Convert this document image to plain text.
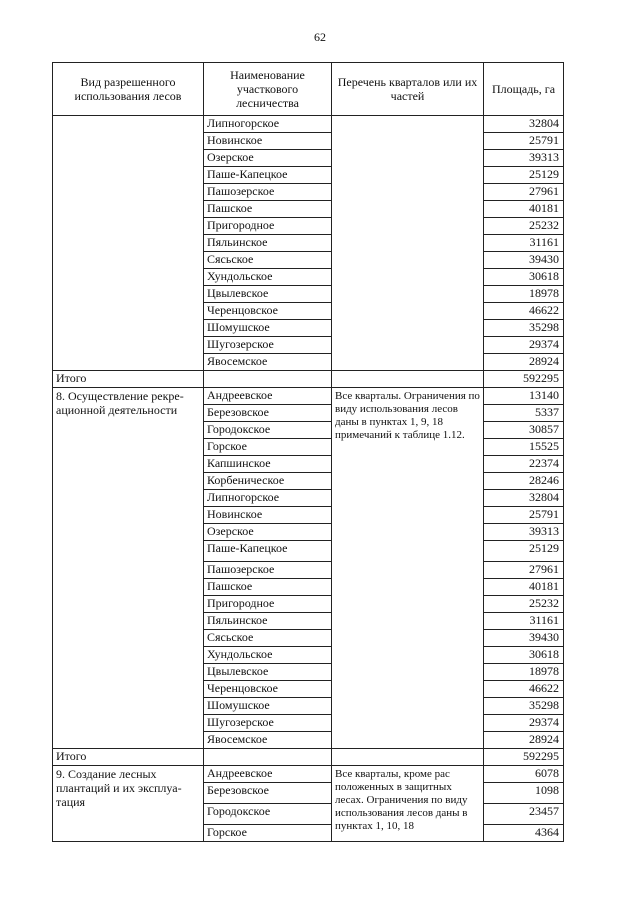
62
Вид разрешенного использования лесов	Наименование участкового лесничества	Перечень кварталов или их частей	Площадь, га
	Липногорское		32804
	Новинское		25791
	Озерское		39313
	Паше-Капецкое		25129
	Пашозерское		27961
	Пашское		40181
	Пригородное		25232
	Пяльинское		31161
	Сясьское		39430
	Хундольское		30618
	Цвылевское		18978
	Черенцовское		46622
	Шомушское		35298
	Шугозерское		29374
	Явосемское		28924
Итого			592295
8. Осуществление рекре-ационной деятельности	Андреевское	Все кварталы. Ограничения по виду использования лесов даны в пунктах 1, 9, 18 примечаний к таблице 1.12.	13140
	Березовское		5337
	Городокское		30857
	Горское		15525
	Капшинское		22374
	Корбеническое		28246
	Липногорское		32804
	Новинское		25791
	Озерское		39313
	Паше-Капецкое		25129
	Пашозерское		27961
	Пашское		40181
	Пригородное		25232
	Пяльинское		31161
	Сясьское		39430
	Хундольское		30618
	Цвылевское		18978
	Черенцовское		46622
	Шомушское		35298
	Шугозерское		29374
	Явосемское		28924
Итого			592295
9. Создание лесных плантаций и их эксплуа-тация	Андреевское	Все кварталы, кроме рас положенных в защитных лесах. Ограничения по виду использования лесов даны в пунктах 1, 10, 18	6078
	Березовское		1098
	Городокское		23457
	Горское		4364
